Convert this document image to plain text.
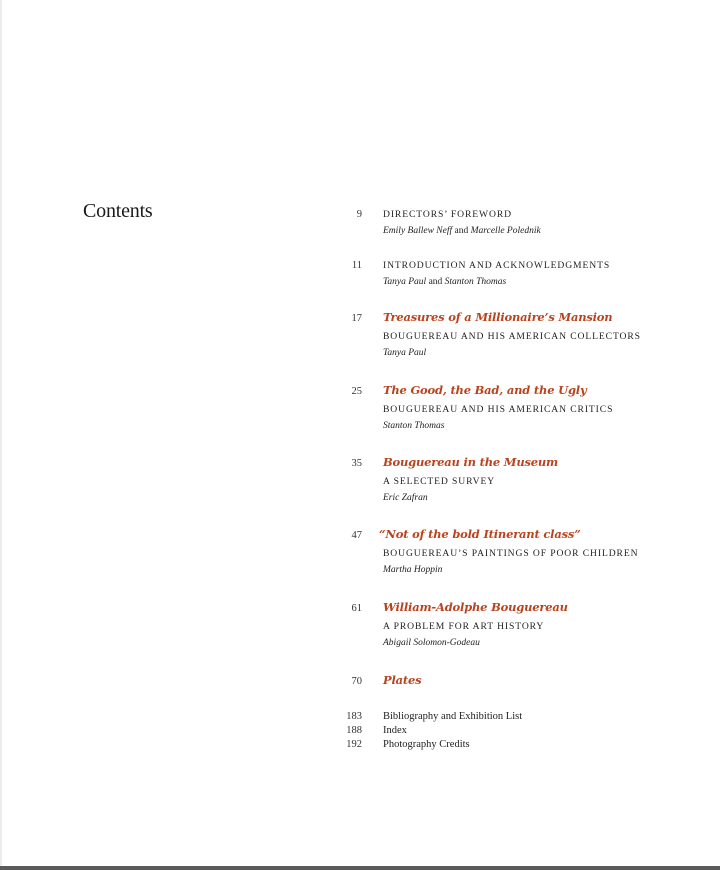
Contents	9 DIRECTORS’ FOREWORD
Emily Ballew Neff and Marcelle Polednik
11 INTRODUCTION AND ACKNOWLEDGMENTS
Tanya Paul and Stanton Thomas
17 Treasures of a Millionaire’s Mansion
BOUGUEREAU AND HIS AMERICAN COLLECTORS
Tanya Paul
25 The Good, the Bad, and the Ugly
BOUGUEREAU AND HIS AMERICAN CRITICS
Stanton Thomas
35 Bouguereau in the Museum
A SELECTED SURVEY
Eric Zafran
47 “Not of the bold Itinerant class”
BOUGUEREAU’S PAINTINGS OF POOR CHILDREN
Martha Hoppin
61 William-Adolphe Bouguereau
A PROBLEM FOR ART HISTORY
Abigail Solomon-Godeau
70 Plates
183 Bibliography and Exhibition List
188 Index
192 Photography Credits
